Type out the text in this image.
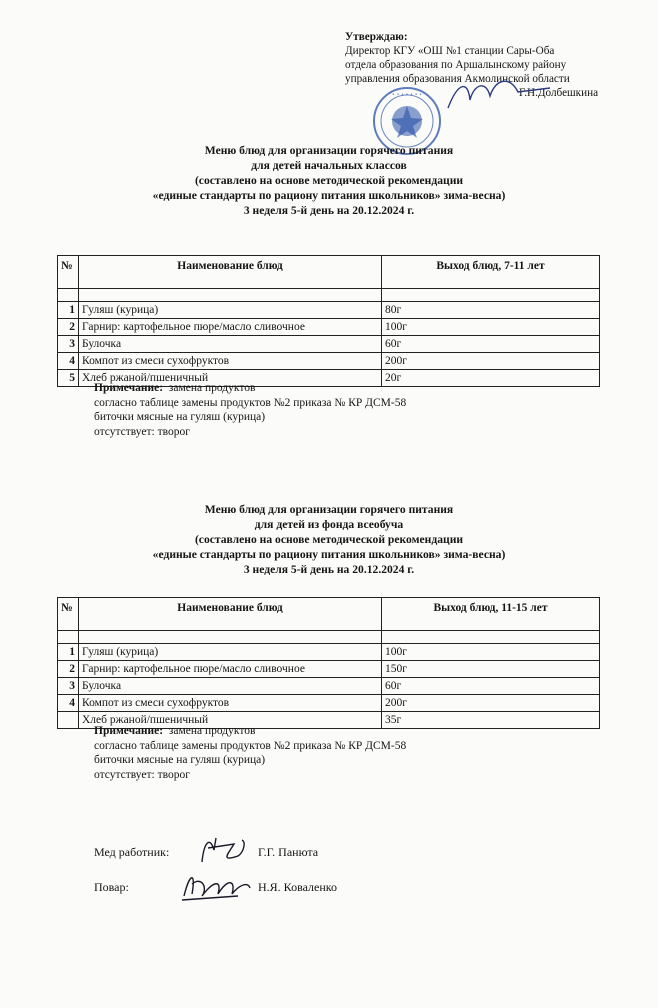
Утверждаю:
Директор КГУ «ОШ №1 станции Сары-Оба
отдела образования по Аршалынскому району
управления образования Акмолинской области
Г.Н.Долбешкина
• • • • • • •
Меню блюд для организации горячего питания
для детей начальных классов
(составлено на основе методической рекомендации
«единые стандарты по рациону питания школьников» зима-весна)
3 неделя 5-й день на 20.12.2024 г.
№	Наименование блюд	Выход блюд, 7-11 лет

1	Гуляш (курица)	80г
2	Гарнир: картофельное пюре/масло сливочное	100г
3	Булочка	60г
4	Компот из смеси сухофруктов	200г
5	Хлеб ржаной/пшеничный	20г
Примечание: замена продуктов
согласно таблице замены продуктов №2 приказа № КР ДСМ-58
биточки мясные на гуляш (курица)
отсутствует: творог
Меню блюд для организации горячего питания
для детей из фонда всеобуча
(составлено на основе методической рекомендации
«единые стандарты по рациону питания школьников» зима-весна)
3 неделя 5-й день на 20.12.2024 г.
№	Наименование блюд	Выход блюд, 11-15 лет

1	Гуляш (курица)	100г
2	Гарнир: картофельное пюре/масло сливочное	150г
3	Булочка	60г
4	Компот из смеси сухофруктов	200г
	Хлеб ржаной/пшеничный	35г
Примечание: замена продуктов
согласно таблице замены продуктов №2 приказа № КР ДСМ-58
биточки мясные на гуляш (курица)
отсутствует: творог
Мед работник:	Г.Г. Панюта
Повар:	Н.Я. Коваленко
